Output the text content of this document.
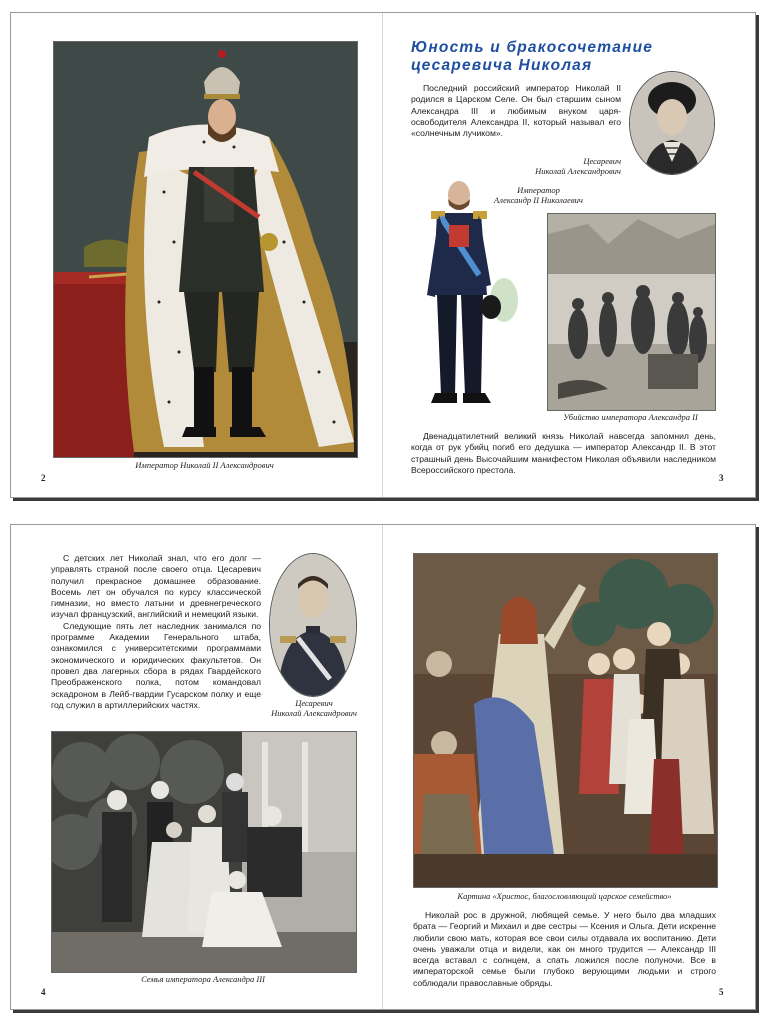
Император Николай II Александрович
2
Юность и бракосочетание
цесаревича Николая

Последний российский император Николай II родился в Царском Селе. Он был старшим сыном Александра III и любимым внуком царя-освободителя Александра II, который называл его «солнечным лучиком».

Цесаревич
Николай Александрович
Император
Александр II Николаевич
Убийство императора Александра II

Двенадцатилетний великий князь Николай навсегда запомнил день, когда от рук убийц погиб его дедушка — император Александр II. В этот страшный день Высочайшим манифестом Николая объявили наследником Всероссийского престола.

3

С детских лет Николай знал, что его долг — управлять страной после своего отца. Цесаревич получил прекрасное домашнее образование. Восемь лет он обучался по курсу классической гимназии, но вместо латыни и древнегреческого изучал французский, английский и немецкий языки.

Следующие пять лет наследник занимался по программе Академии Генерального штаба, ознакомился с университетскими программами экономического и юридических факультетов. Он провел два лагерных сбора в рядах Гвардейского Преображенского полка, потом командовал эскадроном в Лейб-гвардии Гусарском полку и еще год служил в артиллерийских частях.	Цесаревич
Николай Александрович
Семья императора Александра III
4
Картина «Христос, благословляющий царское семейство»

Николай рос в дружной, любящей семье. У него было два младших брата — Георгий и Михаил и две сестры — Ксения и Ольга. Дети искренне любили свою мать, которая все свои силы отдавала их воспитанию. Дети очень уважали отца и видели, как он много трудится — Александр III всегда вставал с солнцем, а спать ложился после полуночи. Все в императорской семье были глубоко верующими людьми и строго соблюдали православные обряды.

5
